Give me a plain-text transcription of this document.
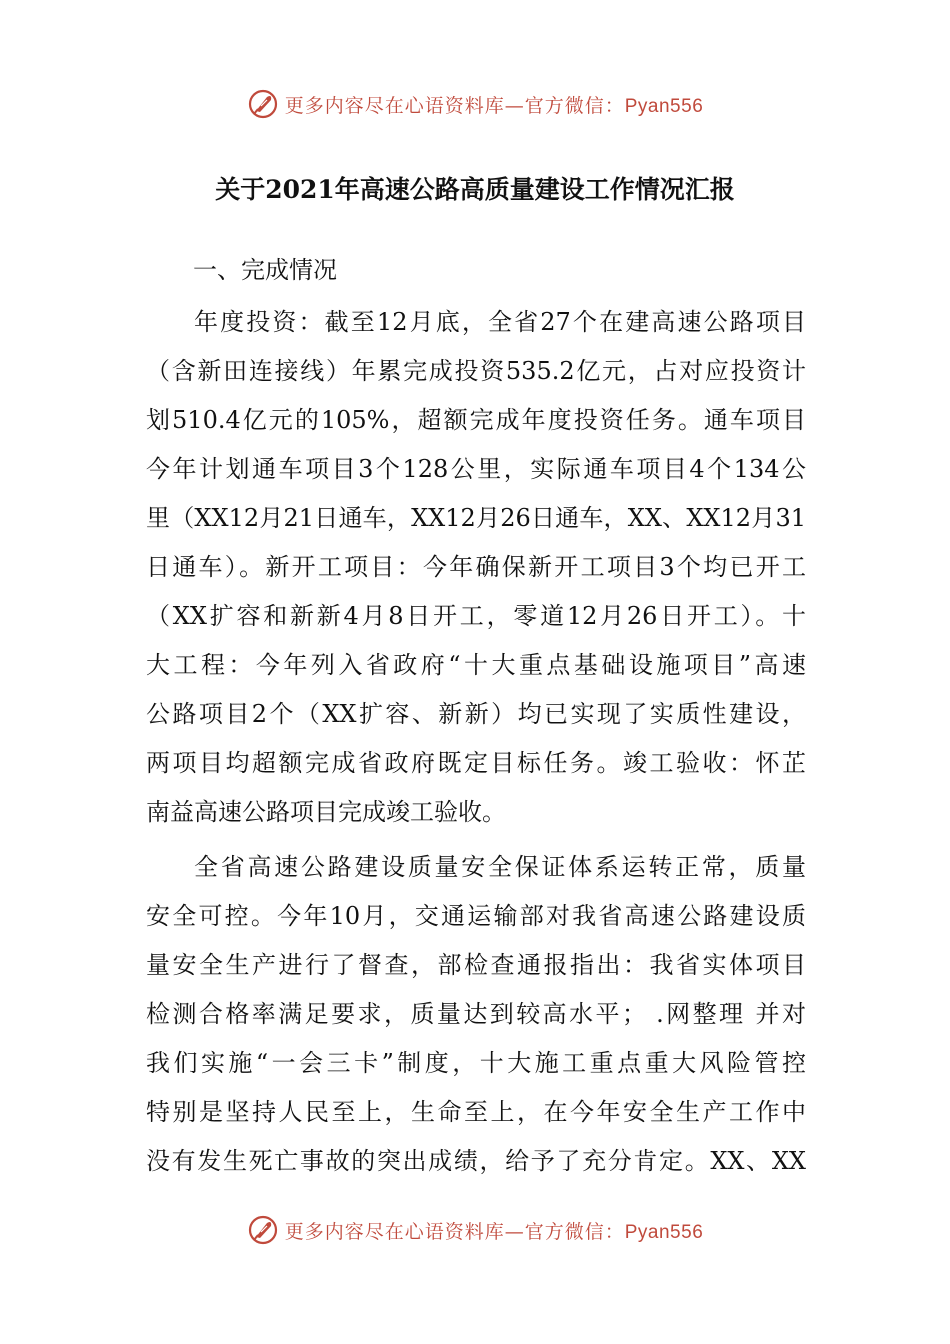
更多内容尽在心语资料库—官方微信：Pyan556
关于2021年高速公路高质量建设工作情况汇报
一、完成情况
年度投资：截至12月底，全省27个在建高速公路项目
（含新田连接线）年累完成投资535.2亿元，占对应投资计
划510.4亿元的105%，超额完成年度投资任务。通车项目
今年计划通车项目3个128公里，实际通车项目4个134公
里（XX12月21日通车，XX12月26日通车，XX、XX12月31
日通车）。新开工项目：今年确保新开工项目3个均已开工
（XX扩容和新新4月8日开工，零道12月26日开工）。十
大工程：今年列入省政府“十大重点基础设施项目”高速
公路项目2个（XX扩容、新新）均已实现了实质性建设，
两项目均超额完成省政府既定目标任务。竣工验收：怀芷
南益高速公路项目完成竣工验收。
全省高速公路建设质量安全保证体系运转正常，质量
安全可控。今年10月，交通运输部对我省高速公路建设质
量安全生产进行了督查，部检查通报指出：我省实体项目
检测合格率满足要求，质量达到较高水平； .网整理 并对
我们实施“一会三卡”制度，十大施工重点重大风险管控
特别是坚持人民至上，生命至上，在今年安全生产工作中
没有发生死亡事故的突出成绩，给予了充分肯定。XX、XX
更多内容尽在心语资料库—官方微信：Pyan556
